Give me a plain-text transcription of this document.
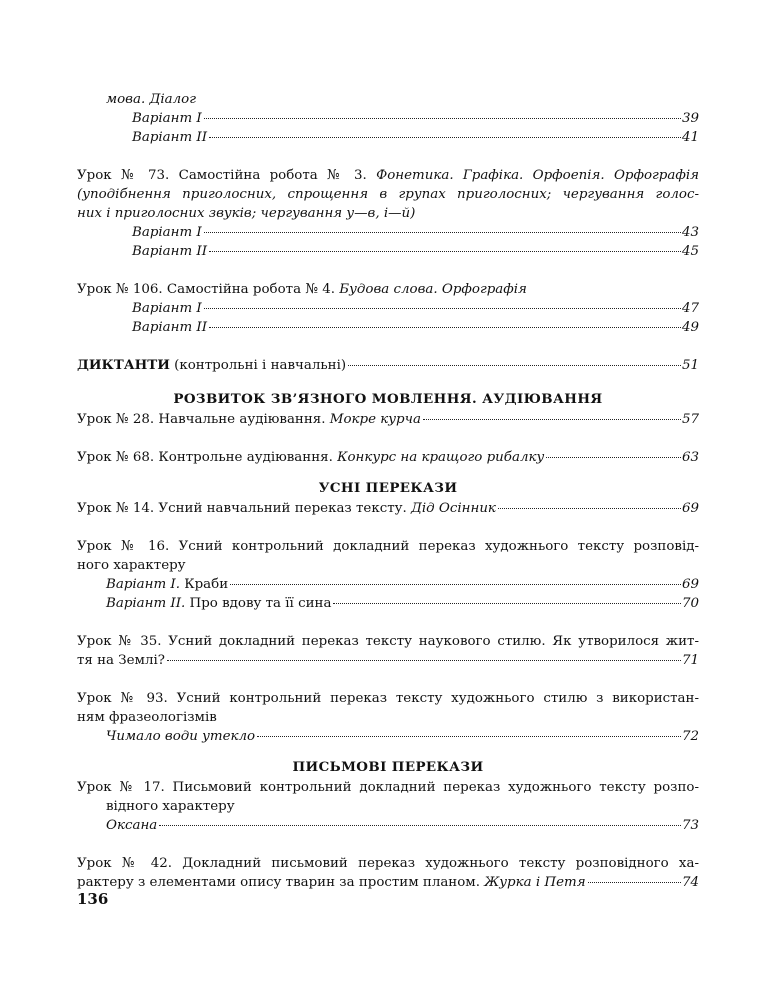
мова. Діалог
Варіант I	39
Варіант II	41
Урок № 73. Самостійна робота № 3. Фонетика. Графіка. Орфоепія. Орфографія
(уподібнення приголосних, спрощення в групах приголосних; чергування голос-
них і приголосних звуків; чергування у—в, і—й)
Варіант I	43
Варіант II	45
Урок № 106. Самостійна робота № 4. Будова слова. Орфографія
Варіант I	47
Варіант II	49
ДИКТАНТИ (контрольні і навчальні)	51
РОЗВИТОК ЗВ’ЯЗНОГО МОВЛЕННЯ. АУДІЮВАННЯ
Урок № 28. Навчальне аудіювання. Мокре курча	57
Урок № 68. Контрольне аудіювання. Конкурс на кращого рибалку	63
УСНІ ПЕРЕКАЗИ
Урок № 14. Усний навчальний переказ тексту. Дід Осінник	69
Урок № 16. Усний контрольний докладний переказ художнього тексту розповід-
ного характеру
Варіант І. Краби	69
Варіант ІІ. Про вдову та її сина	70
Урок № 35. Усний докладний переказ тексту наукового стилю. Як утворилося жит-
тя на Землі?	71
Урок № 93. Усний контрольний переказ тексту художнього стилю з використан-
ням фразеологізмів
Чимало води утекло	72
ПИСЬМОВІ ПЕРЕКАЗИ
Урок № 17. Письмовий контрольний докладний переказ художнього тексту розпо-
відного характеру
Оксана	73
Урок № 42. Докладний письмовий переказ художнього тексту розповідного ха-
рактеру з елементами опису тварин за простим планом. Журка і Петя	74
136
